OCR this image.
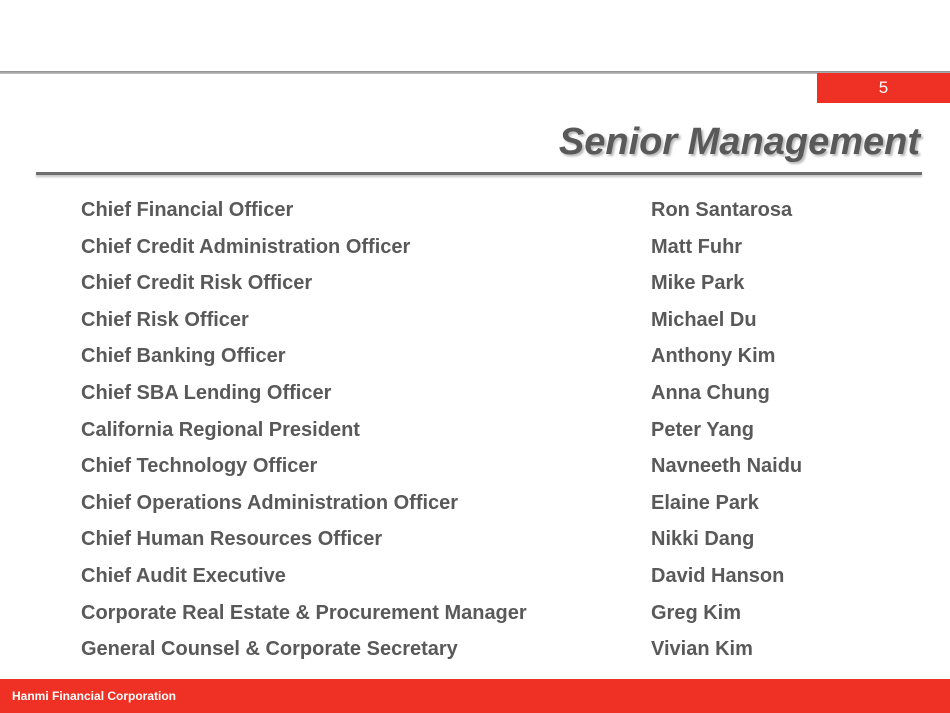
5
Senior Management
Chief Financial Officer	Ron Santarosa
Chief Credit Administration Officer	Matt Fuhr
Chief Credit Risk Officer	Mike Park
Chief Risk Officer	Michael Du
Chief Banking Officer	Anthony Kim
Chief SBA Lending Officer	Anna Chung
California Regional President	Peter Yang
Chief Technology Officer	Navneeth Naidu
Chief Operations Administration Officer	Elaine Park
Chief Human Resources Officer	Nikki Dang
Chief Audit Executive	David Hanson
Corporate Real Estate & Procurement Manager	Greg Kim
General Counsel & Corporate Secretary	Vivian Kim
Hanmi Financial Corporation
